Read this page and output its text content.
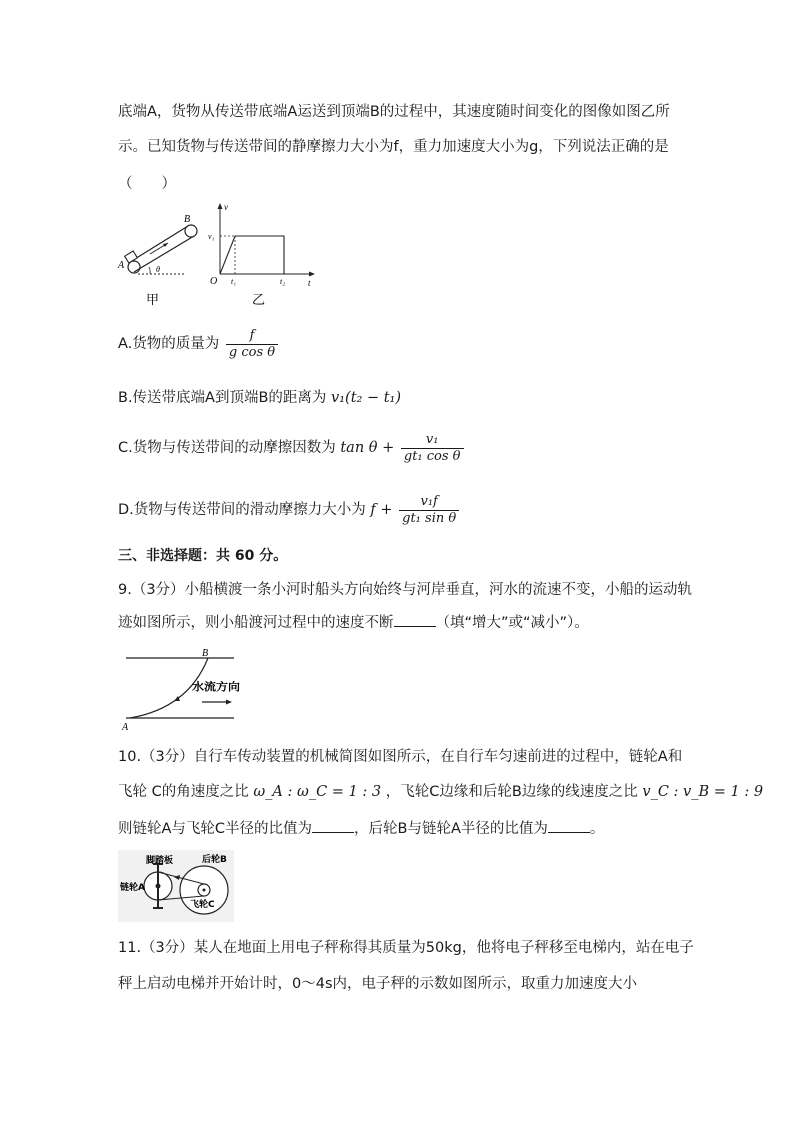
底端A，货物从传送带底端A运送到顶端B的过程中，其速度随时间变化的图像如图乙所
示。已知货物与传送带间的静摩擦力大小为f，重力加速度大小为g，下列说法正确的是
（　　）
B
A	θ
甲
v
t
O
v₁
t₁	t₂
乙
A.货物的质量为 $\frac{f}{\text{g cos θ}}$
B.传送带底端A到顶端B的距离为 v₁(t₂ − t₁)
C.货物与传送带间的动摩擦因数为 $\tan \theta + \frac{\text{v₁}}{\text{gt₁ cos θ}}$
D.货物与传送带间的滑动摩擦力大小为 $f + \frac{\text{v₁f}}{\text{gt₁ sin θ}}$
三、非选择题：共 60 分。
9.（3分）小船横渡一条小河时船头方向始终与河岸垂直，河水的流速不变，小船的运动轨
迹如图所示，则小船渡河过程中的速度不断	（填“增大”或“减小”）。
B
A
水流方向
10.（3分）自行车传动装置的机械简图如图所示，在自行车匀速前进的过程中，链轮A和
飞轮 C的角速度之比 ω_A : ω_C = 1 : 3 ，飞轮C边缘和后轮B边缘的线速度之比 v_C : v_B = 1 : 9
则链轮A与飞轮C半径的比值为	，后轮B与链轮A半径的比值为	。
脚踏板	后轮B
链轮A
飞轮C
11.（3分）某人在地面上用电子秤称得其质量为50kg，他将电子秤移至电梯内，站在电子
秤上启动电梯并开始计时，0～4s内，电子秤的示数如图所示，取重力加速度大小
